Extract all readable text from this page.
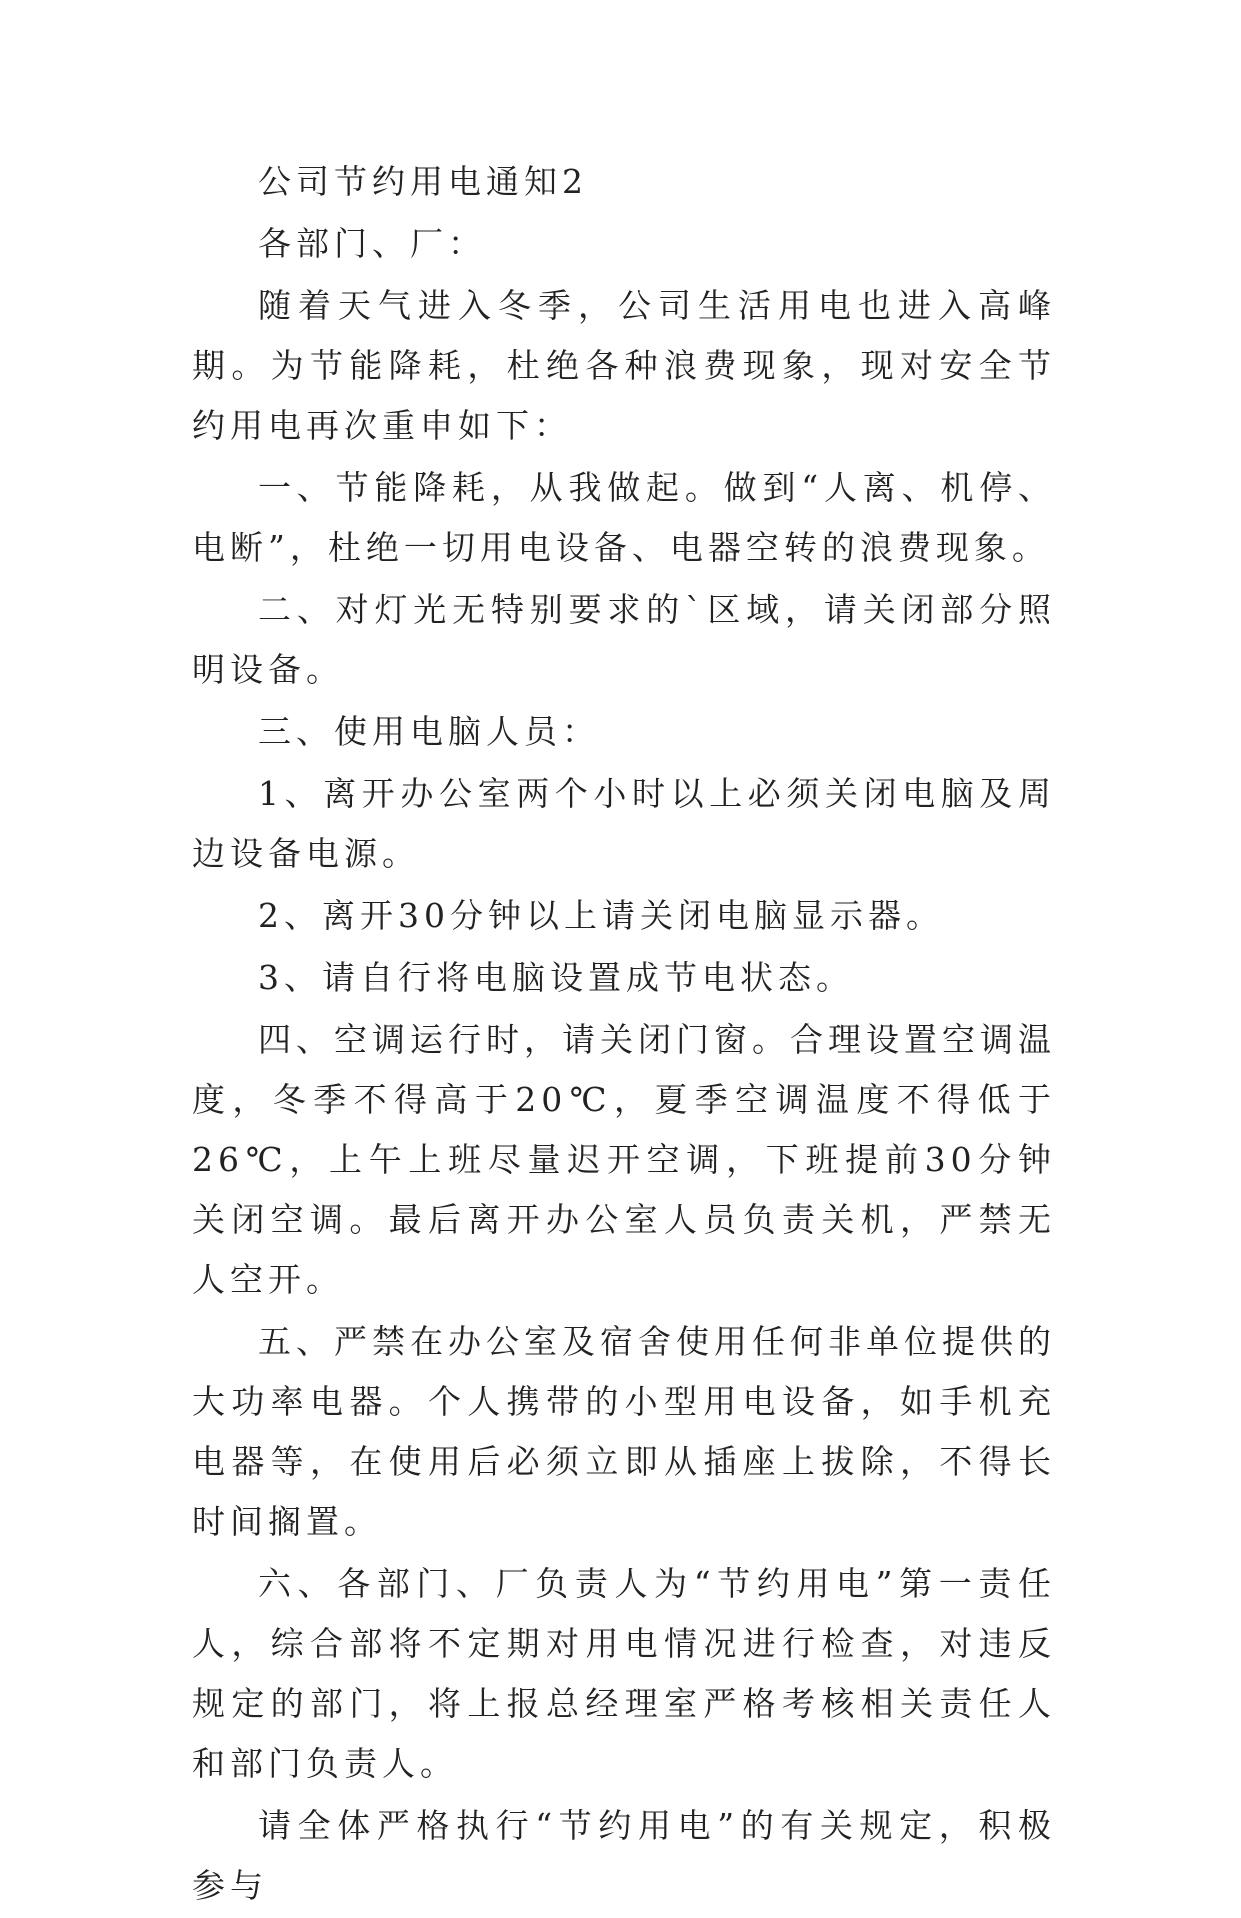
公司节约用电通知2

各部门、厂：

随着天气进入冬季，公司生活用电也进入高峰期。为节能降耗，杜绝各种浪费现象，现对安全节约用电再次重申如下：

一、节能降耗，从我做起。做到“人离、机停、电断”，杜绝一切用电设备、电器空转的浪费现象。

二、对灯光无特别要求的`区域，请关闭部分照明设备。

三、使用电脑人员：

1、离开办公室两个小时以上必须关闭电脑及周边设备电源。

2、离开30分钟以上请关闭电脑显示器。

3、请自行将电脑设置成节电状态。

四、空调运行时，请关闭门窗。合理设置空调温度，冬季不得高于20℃，夏季空调温度不得低于26℃，上午上班尽量迟开空调，下班提前30分钟关闭空调。最后离开办公室人员负责关机，严禁无人空开。

五、严禁在办公室及宿舍使用任何非单位提供的大功率电器。个人携带的小型用电设备，如手机充电器等，在使用后必须立即从插座上拔除，不得长时间搁置。

六、各部门、厂负责人为“节约用电”第一责任人，综合部将不定期对用电情况进行检查，对违反规定的部门，将上报总经理室严格考核相关责任人和部门负责人。

请全体严格执行“节约用电”的有关规定，积极参与
